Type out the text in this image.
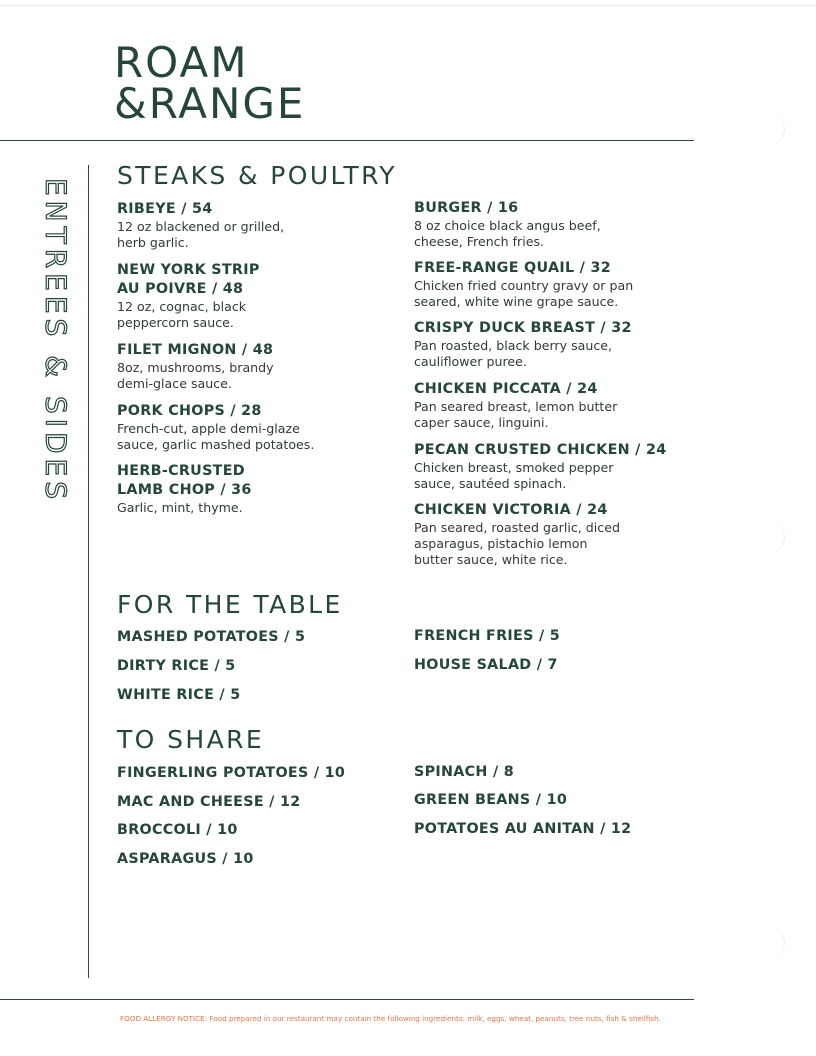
ROAM
&RANGE
ENTREES & SIDES
STEAKS & POULTRY
RIBEYE / 54
12 oz blackened or grilled,
herb garlic.
NEW YORK STRIP
AU POIVRE / 48
12 oz, cognac, black
peppercorn sauce.
FILET MIGNON / 48
8oz, mushrooms, brandy
demi-glace sauce.
PORK CHOPS / 28
French-cut, apple demi-glaze
sauce, garlic mashed potatoes.
HERB-CRUSTED
LAMB CHOP / 36
Garlic, mint, thyme.
BURGER / 16
8 oz choice black angus beef,
cheese, French fries.
FREE-RANGE QUAIL / 32
Chicken fried country gravy or pan
seared, white wine grape sauce.
CRISPY DUCK BREAST / 32
Pan roasted, black berry sauce,
cauliflower puree.
CHICKEN PICCATA / 24
Pan seared breast, lemon butter
caper sauce, linguini.
PECAN CRUSTED CHICKEN / 24
Chicken breast, smoked pepper
sauce, sautéed spinach.
CHICKEN VICTORIA / 24
Pan seared, roasted garlic, diced
asparagus, pistachio lemon
butter sauce, white rice.
FOR THE TABLE
MASHED POTATOES / 5
DIRTY RICE / 5
WHITE RICE / 5
FRENCH FRIES / 5
HOUSE SALAD / 7
TO SHARE
FINGERLING POTATOES / 10
MAC AND CHEESE / 12
BROCCOLI / 10
ASPARAGUS / 10
SPINACH / 8
GREEN BEANS / 10
POTATOES AU ANITAN / 12
FOOD ALLERGY NOTICE: Food prepared in our restaurant may contain the following ingredients: milk, eggs, wheat, peanuts, tree nuts, fish & shellfish.
